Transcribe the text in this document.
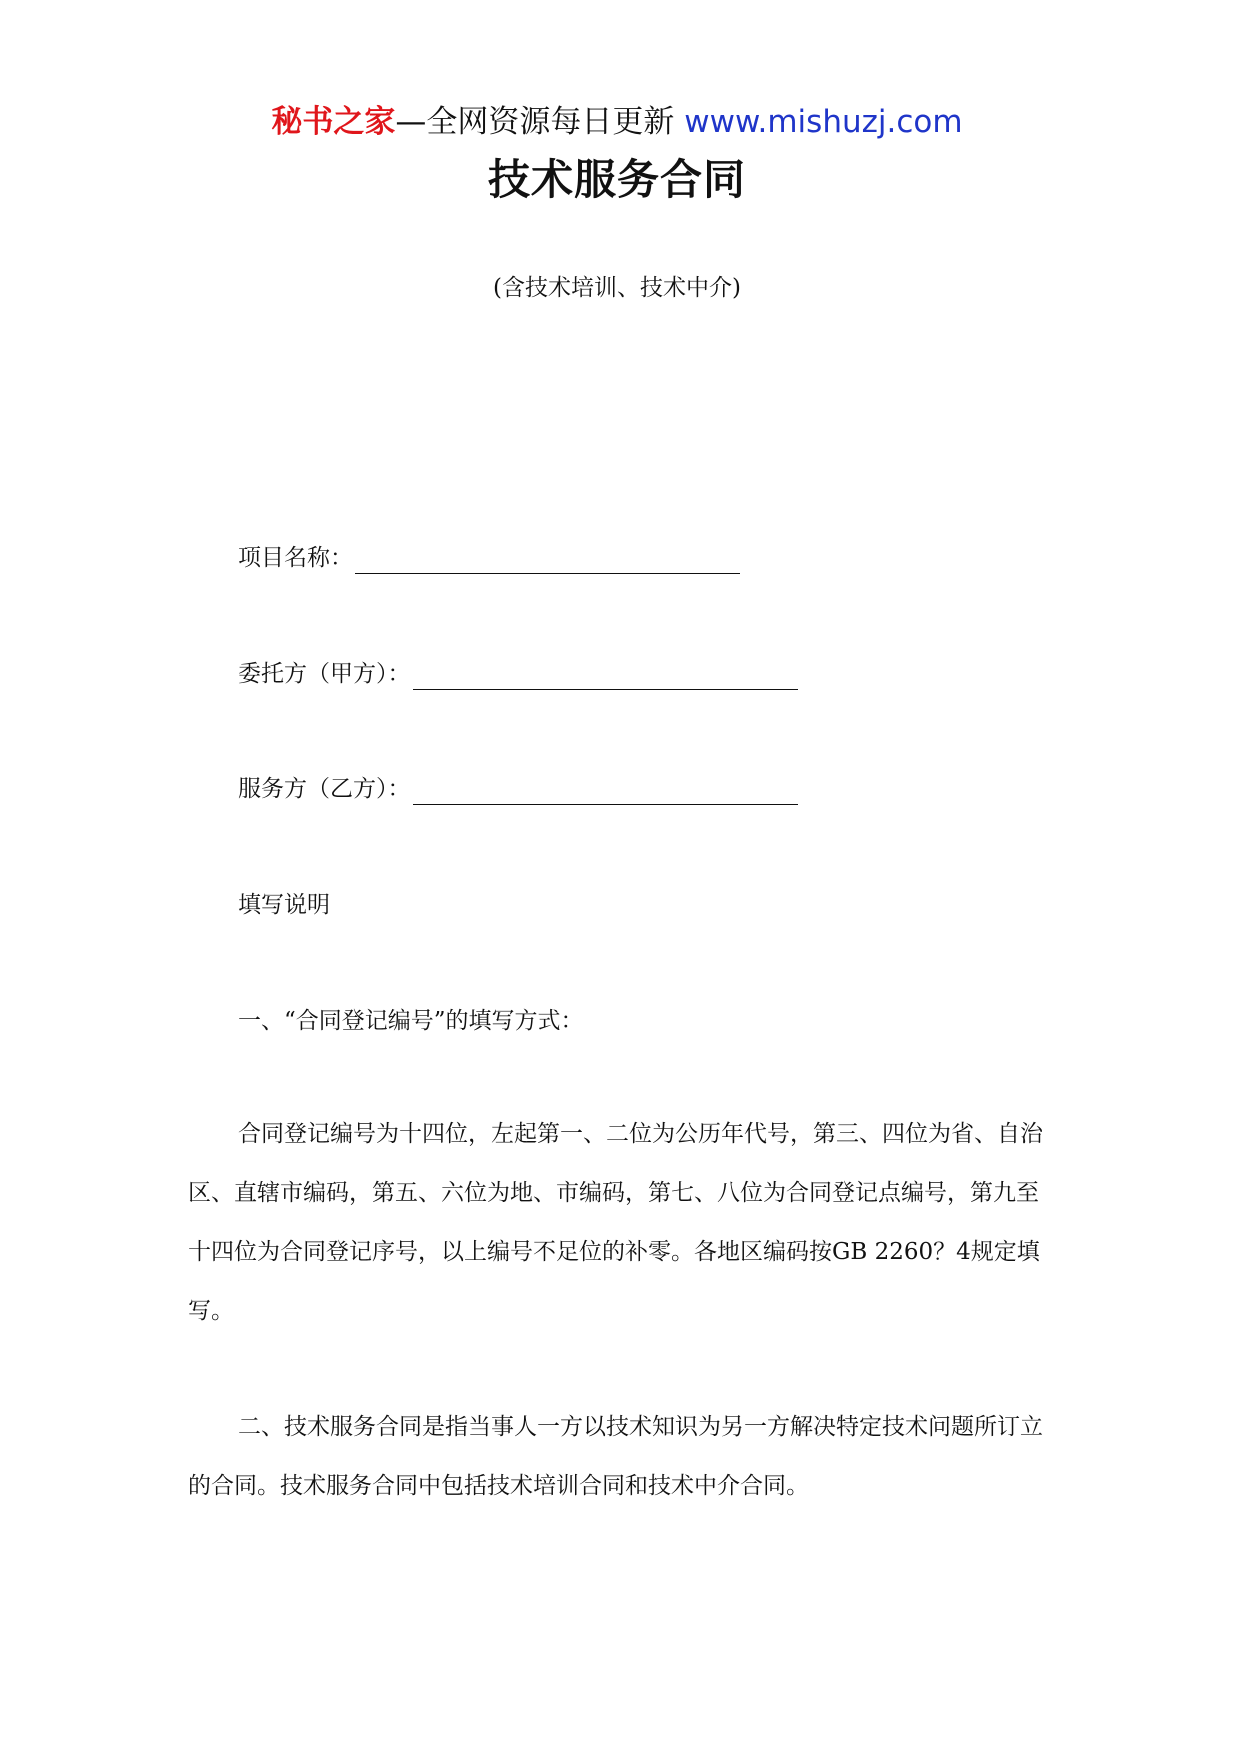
秘书之家—全网资源每日更新 www.mishuzj.com
技术服务合同
(含技术培训、技术中介)
项目名称：
委托方（甲方）：
服务方（乙方）：
填写说明
一、“合同登记编号”的填写方式：

合同登记编号为十四位，左起第一、二位为公历年代号，第三、四位为省、自治区、直辖市编码，第五、六位为地、市编码，第七、八位为合同登记点编号，第九至十四位为合同登记序号，以上编号不足位的补零。各地区编码按GB 2260？4规定填写。

二、技术服务合同是指当事人一方以技术知识为另一方解决特定技术问题所订立的合同。技术服务合同中包括技术培训合同和技术中介合同。
